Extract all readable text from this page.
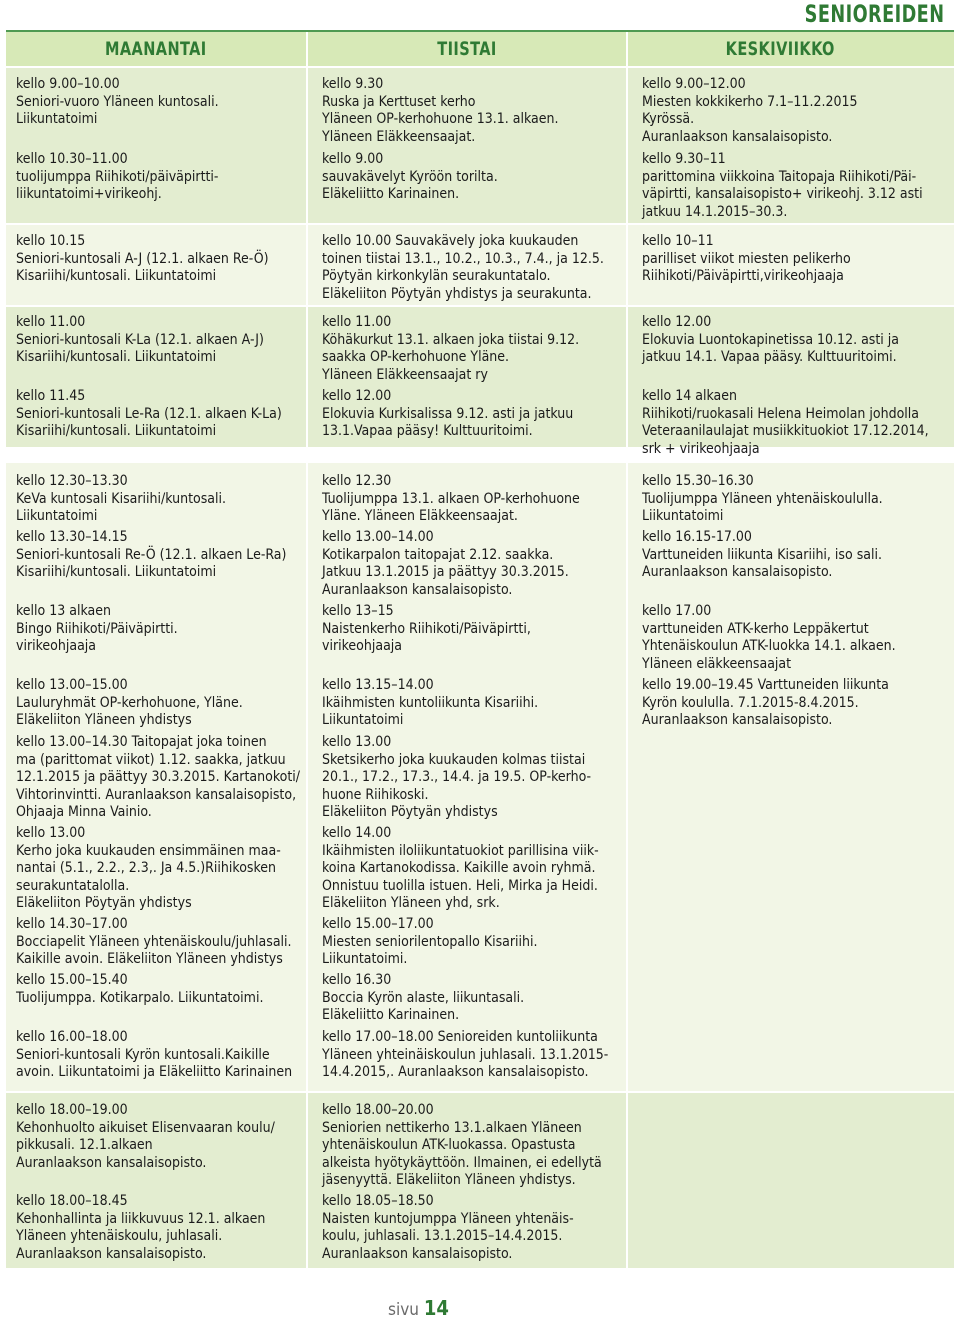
SENIOREIDEN
MAANANTAI	TIISTAI	KESKIVIIKKO
kello 9.00–10.00
Seniori-vuoro Yläneen kuntosali.
Liikuntatoimi
kello 10.30–11.00
tuolijumppa Riihikoti/päiväpirtti-
liikuntatoimi+virikeohj.
kello 10.15
Seniori-kuntosali A-J (12.1. alkaen Re-Ö)
Kisariihi/kuntosali. Liikuntatoimi
kello 11.00
Seniori-kuntosali K-La (12.1. alkaen A-J)
Kisariihi/kuntosali. Liikuntatoimi
kello 11.45
Seniori-kuntosali Le-Ra (12.1. alkaen K-La)
Kisariihi/kuntosali. Liikuntatoimi
kello 12.30–13.30
KeVa kuntosali Kisariihi/kuntosali.
Liikuntatoimi
kello 13.30–14.15
Seniori-kuntosali Re-Ö (12.1. alkaen Le-Ra)
Kisariihi/kuntosali. Liikuntatoimi
kello 13 alkaen
Bingo Riihikoti/Päiväpirtti.
virikeohjaaja
kello 13.00–15.00
Lauluryhmät OP-kerhohuone, Yläne.
Eläkeliiton Yläneen yhdistys
kello 13.00–14.30 Taitopajat joka toinen
ma (parittomat viikot) 1.12. saakka, jatkuu
12.1.2015 ja päättyy 30.3.2015. Kartanokoti/
Vihtorinvintti. Auranlaakson kansalaisopisto,
Ohjaaja Minna Vainio.
kello 13.00
Kerho joka kuukauden ensimmäinen maa-
nantai (5.1., 2.2., 2.3,. Ja 4.5.)Riihikosken
seurakuntatalolla.
Eläkeliiton Pöytyän yhdistys
kello 14.30–17.00
Bocciapelit Yläneen yhtenäiskoulu/juhlasali.
Kaikille avoin. Eläkeliiton Yläneen yhdistys
kello 15.00–15.40
Tuolijumppa. Kotikarpalo. Liikuntatoimi.
kello 16.00–18.00
Seniori-kuntosali Kyrön kuntosali.Kaikille
avoin. Liikuntatoimi ja Eläkeliitto Karinainen
kello 18.00–19.00
Kehonhuolto aikuiset Elisenvaaran koulu/
pikkusali. 12.1.alkaen
Auranlaakson kansalaisopisto.
kello 18.00–18.45
Kehonhallinta ja liikkuvuus 12.1. alkaen
Yläneen yhtenäiskoulu, juhlasali.
Auranlaakson kansalaisopisto.
kello 9.30
Ruska ja Kerttuset kerho
Yläneen OP-kerhohuone 13.1. alkaen.
Yläneen Eläkkeensaajat.
kello 9.00
sauvakävelyt Kyröön torilta.
Eläkeliitto Karinainen.
kello 10.00 Sauvakävely joka kuukauden
toinen tiistai 13.1., 10.2., 10.3., 7.4., ja 12.5.
Pöytyän kirkonkylän seurakuntatalo.
Eläkeliiton Pöytyän yhdistys ja seurakunta.
kello 11.00
Köhäkurkut 13.1. alkaen joka tiistai 9.12.
saakka OP-kerhohuone Yläne.
Yläneen Eläkkeensaajat ry
kello 12.00
Elokuvia Kurkisalissa 9.12. asti ja jatkuu
13.1.Vapaa pääsy! Kulttuuritoimi.
kello 12.30
Tuolijumppa 13.1. alkaen OP-kerhohuone
Yläne. Yläneen Eläkkeensaajat.
kello 13.00–14.00
Kotikarpalon taitopajat 2.12. saakka.
Jatkuu 13.1.2015 ja päättyy 30.3.2015.
Auranlaakson kansalaisopisto.
kello 13–15
Naistenkerho Riihikoti/Päiväpirtti,
virikeohjaaja
kello 13.15–14.00
Ikäihmisten kuntoliikunta Kisariihi.
Liikuntatoimi
kello 13.00
Sketsikerho joka kuukauden kolmas tiistai
20.1., 17.2., 17.3., 14.4. ja 19.5. OP-kerho-
huone Riihikoski.
Eläkeliiton Pöytyän yhdistys
kello 14.00
Ikäihmisten iloliikuntatuokiot parillisina viik-
koina Kartanokodissa. Kaikille avoin ryhmä.
Onnistuu tuolilla istuen. Heli, Mirka ja Heidi.
Eläkeliiton Yläneen yhd, srk.
kello 15.00–17.00
Miesten seniorilentopallo Kisariihi.
Liikuntatoimi.
kello 16.30
Boccia Kyrön alaste, liikuntasali.
Eläkeliitto Karinainen.
kello 17.00–18.00 Senioreiden kuntoliikunta
Yläneen yhteinäiskoulun juhlasali. 13.1.2015-
14.4.2015,. Auranlaakson kansalaisopisto.
kello 18.00–20.00
Seniorien nettikerho 13.1.alkaen Yläneen
yhtenäiskoulun ATK-luokassa. Opastusta
alkeista hyötykäyttöön. Ilmainen, ei edellytä
jäsenyyttä. Eläkeliiton Yläneen yhdistys.
kello 18.05–18.50
Naisten kuntojumppa Yläneen yhtenäis-
koulu, juhlasali. 13.1.2015–14.4.2015.
Auranlaakson kansalaisopisto.
kello 9.00–12.00
Miesten kokkikerho 7.1–11.2.2015
Kyrössä.
Auranlaakson kansalaisopisto.
kello 9.30–11
parittomina viikkoina Taitopaja Riihikoti/Päi-
väpirtti, kansalaisopisto+ virikeohj. 3.12 asti
jatkuu 14.1.2015–30.3.
kello 10–11
parilliset viikot miesten pelikerho
Riihikoti/Päiväpirtti,virikeohjaaja
kello 12.00
Elokuvia Luontokapinetissa 10.12. asti ja
jatkuu 14.1. Vapaa pääsy. Kulttuuritoimi.
kello 14 alkaen
Riihikoti/ruokasali Helena Heimolan johdolla
Veteraanilaulajat musiikkituokiot 17.12.2014,
srk + virikeohjaaja
kello 15.30–16.30
Tuolijumppa Yläneen yhtenäiskoululla.
Liikuntatoimi
kello 16.15-17.00
Varttuneiden liikunta Kisariihi, iso sali.
Auranlaakson kansalaisopisto.
kello 17.00
varttuneiden ATK-kerho Leppäkertut
Yhtenäiskoulun ATK-luokka 14.1. alkaen.
Yläneen eläkkeensaajat
kello 19.00–19.45 Varttuneiden liikunta
Kyrön koululla. 7.1.2015-8.4.2015.
Auranlaakson kansalaisopisto.
sivu 14
